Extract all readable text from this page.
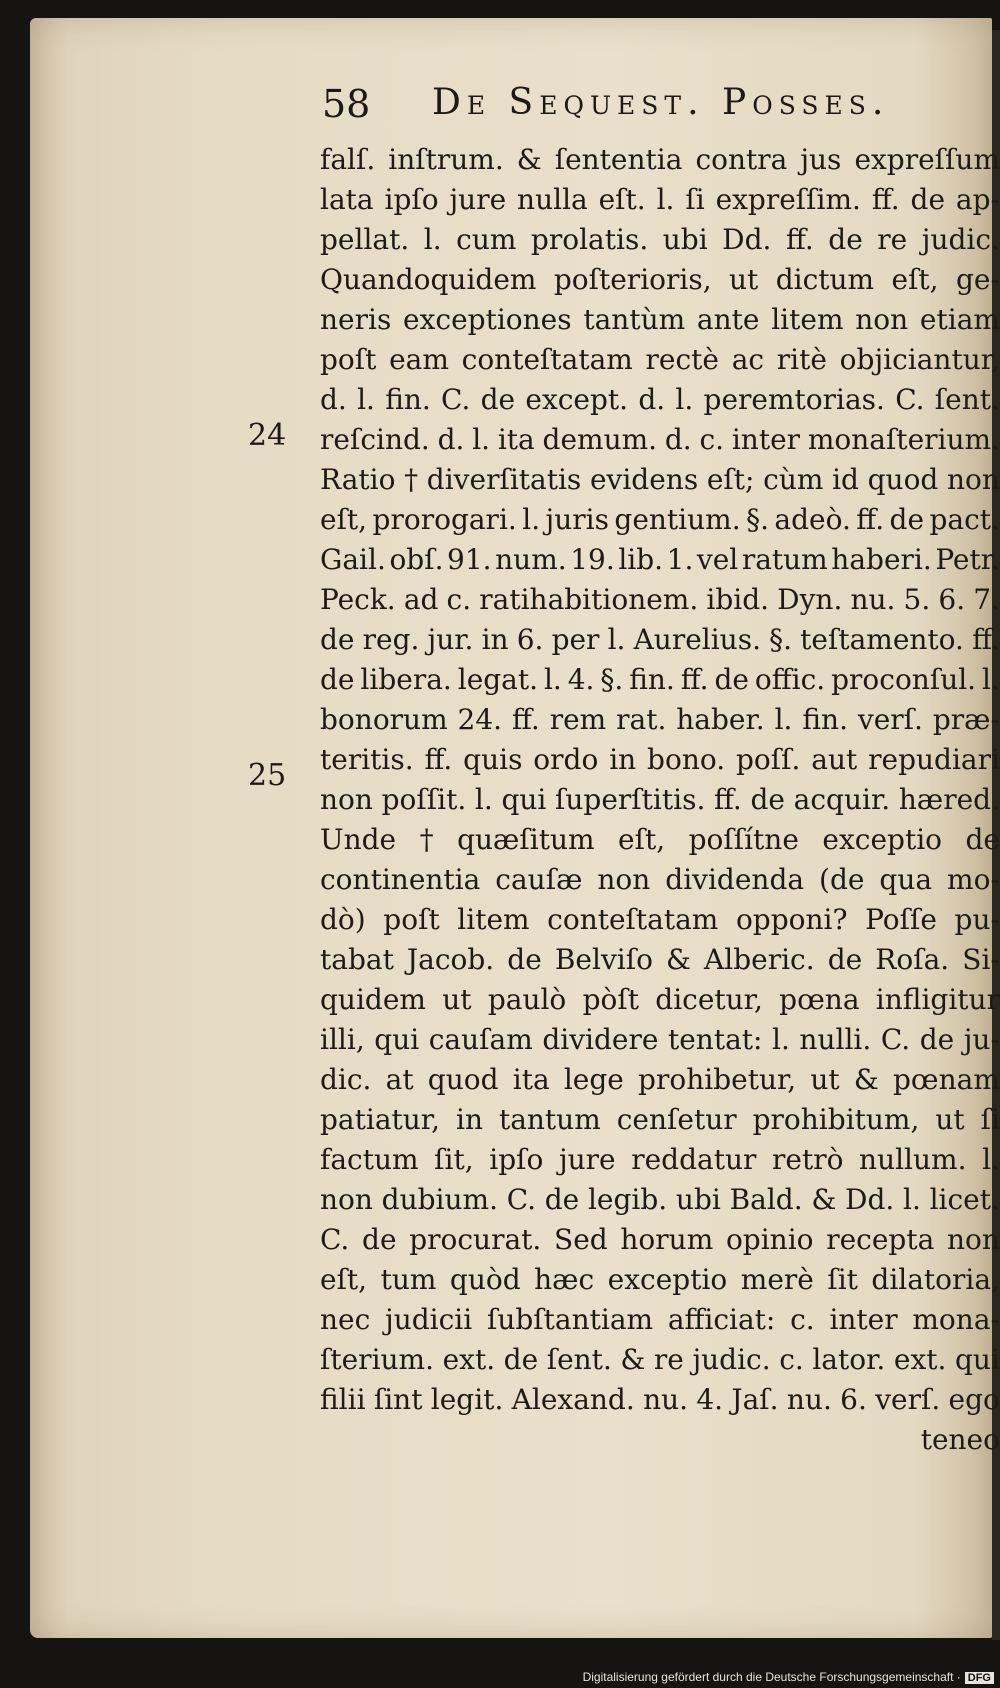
58 De Sequest. Posses.
24
25
falſ. inſtrum. & ſententia contra jus expreſſum
lata ipſo jure nulla eſt. l. ſi expreſſim. ff. de ap-
pellat. l. cum prolatis. ubi Dd. ff. de re judic.
Quandoquidem poſterioris, ut dictum eſt, ge-
neris exceptiones tantùm ante litem non etiam
poſt eam conteſtatam rectè ac ritè objiciantur,
d. l. fin. C. de except. d. l. peremtorias. C. ſent.
reſcind. d. l. ita demum. d. c. inter monaſterium.
Ratio † diverſitatis evidens eſt; cùm id quod non
eſt, prorogari. l. juris gentium. §. adeò. ff. de pact.
Gail. obſ. 91. num. 19. lib. 1. vel ratum haberi. Petr.
Peck. ad c. ratihabitionem. ibid. Dyn. nu. 5. 6. 7.
de reg. jur. in 6. per l. Aurelius. §. teſtamento. ff.
de libera. legat. l. 4. §. fin. ff. de offic. proconſul. l.
bonorum 24. ff. rem rat. haber. l. fin. verſ. præ-
teritis. ff. quis ordo in bono. poſſ. aut repudiari
non poſſit. l. qui ſuperſtitis. ff. de acquir. hæred.
Unde † quæſitum eſt, poſſítne exceptio de
continentia cauſæ non dividenda (de qua mo-
dò) poſt litem conteſtatam opponi? Poſſe pu-
tabat Jacob. de Belviſo & Alberic. de Roſa. Si-
quidem ut paulò pòſt dicetur, pœna infligitur
illi, qui cauſam dividere tentat: l. nulli. C. de ju-
dic. at quod ita lege prohibetur, ut & pœnam
patiatur, in tantum cenſetur prohibitum, ut ſi
factum ſit, ipſo jure reddatur retrò nullum. l.
non dubium. C. de legib. ubi Bald. & Dd. l. licet.
C. de procurat. Sed horum opinio recepta non
eſt, tum quòd hæc exceptio merè ſit dilatoria,
nec judicii ſubſtantiam afficiat: c. inter mona-
ſterium. ext. de ſent. & re judic. c. lator. ext. qui
filii ſint legit. Alexand. nu. 4. Jaſ. nu. 6. verſ. ego
teneo
Digitalisierung gefördert durch die Deutsche Forschungsgemeinschaft · DFG
